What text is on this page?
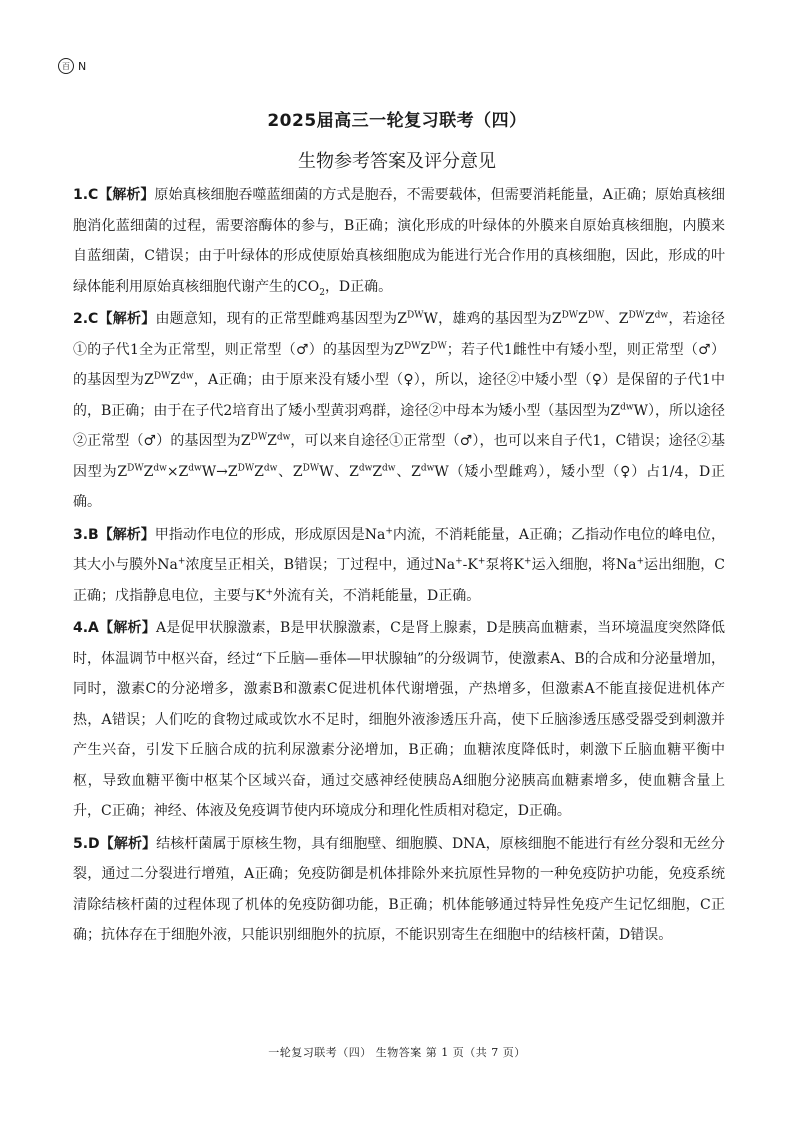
百 N
2025届高三一轮复习联考（四）
生物参考答案及评分意见

1.C【解析】原始真核细胞吞噬蓝细菌的方式是胞吞，不需要载体，但需要消耗能量，A正确；原始真核细胞消化蓝细菌的过程，需要溶酶体的参与，B正确；演化形成的叶绿体的外膜来自原始真核细胞，内膜来自蓝细菌，C错误；由于叶绿体的形成使原始真核细胞成为能进行光合作用的真核细胞，因此，形成的叶绿体能利用原始真核细胞代谢产生的$CO_2$，D正确。

2.C【解析】由题意知，现有的正常型雌鸡基因型为$Z^{DW}W$，雄鸡的基因型为$Z^{DW}Z^{DW}$、$Z^{DW}Z^{dw}$，若途径①的子代1全为正常型，则正常型（♂）的基因型为$Z^{DW}Z^{DW}$；若子代1雌性中有矮小型，则正常型（♂）的基因型为$Z^{DW}Z^{dw}$，A正确；由于原来没有矮小型（♀），所以，途径②中矮小型（♀）是保留的子代1中的，B正确；由于在子代2培育出了矮小型黄羽鸡群，途径②中母本为矮小型（基因型为$Z^{dw}W$），所以途径②正常型（♂）的基因型为$Z^{DW}Z^{dw}$，可以来自途径①正常型（♂），也可以来自子代1，C错误；途径②基因型为$Z^{DW}Z^{dw}\times Z^{dw}W\to Z^{DW}Z^{dw}$、$Z^{DW}W$、$Z^{dw}Z^{dw}$、$Z^{dw}W$（矮小型雌鸡），矮小型（♀）占1/4，D正确。

3.B【解析】甲指动作电位的形成，形成原因是Na+内流，不消耗能量，A正确；乙指动作电位的峰电位，其大小与膜外Na+浓度呈正相关，B错误；丁过程中，通过Na+-K+泵将K+运入细胞，将Na+运出细胞，C正确；戊指静息电位，主要与K+外流有关，不消耗能量，D正确。

4.A【解析】A是促甲状腺激素，B是甲状腺激素，C是肾上腺素，D是胰高血糖素，当环境温度突然降低时，体温调节中枢兴奋，经过“下丘脑—垂体—甲状腺轴”的分级调节，使激素A、B的合成和分泌量增加，同时，激素C的分泌增多，激素B和激素C促进机体代谢增强，产热增多，但激素A不能直接促进机体产热，A错误；人们吃的食物过咸或饮水不足时，细胞外液渗透压升高，使下丘脑渗透压感受器受到刺激并产生兴奋，引发下丘脑合成的抗利尿激素分泌增加，B正确；血糖浓度降低时，刺激下丘脑血糖平衡中枢，导致血糖平衡中枢某个区域兴奋，通过交感神经使胰岛A细胞分泌胰高血糖素增多，使血糖含量上升，C正确；神经、体液及免疫调节使内环境成分和理化性质相对稳定，D正确。

5.D【解析】结核杆菌属于原核生物，具有细胞壁、细胞膜、DNA，原核细胞不能进行有丝分裂和无丝分裂，通过二分裂进行增殖，A正确；免疫防御是机体排除外来抗原性异物的一种免疫防护功能，免疫系统清除结核杆菌的过程体现了机体的免疫防御功能，B正确；机体能够通过特异性免疫产生记忆细胞，C正确；抗体存在于细胞外液，只能识别细胞外的抗原，不能识别寄生在细胞中的结核杆菌，D错误。

一轮复习联考（四） 生物答案 第 1 页（共 7 页）
